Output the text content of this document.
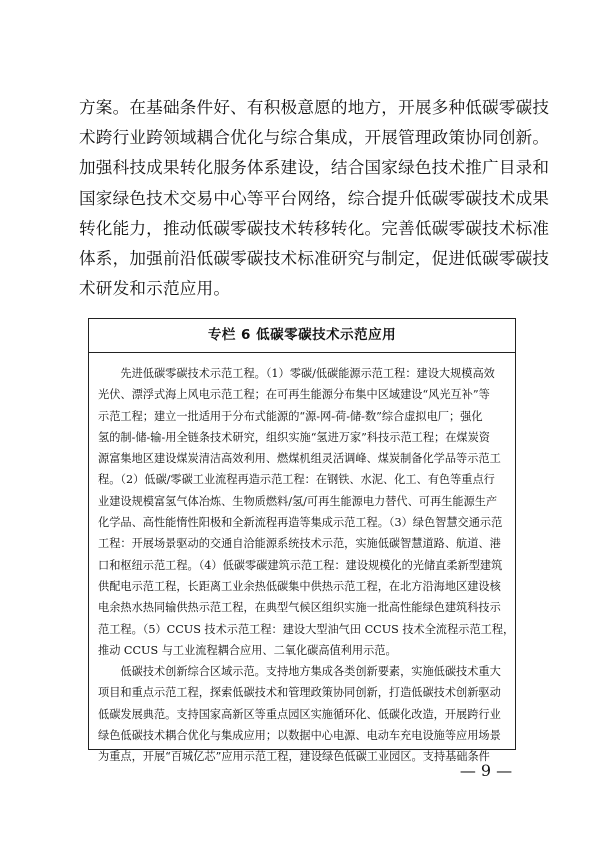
方案。在基础条件好、有积极意愿的地方，开展多种低碳零碳技
术跨行业跨领域耦合优化与综合集成，开展管理政策协同创新。
加强科技成果转化服务体系建设，结合国家绿色技术推广目录和
国家绿色技术交易中心等平台网络，综合提升低碳零碳技术成果
转化能力，推动低碳零碳技术转移转化。完善低碳零碳技术标准
体系，加强前沿低碳零碳技术标准研究与制定，促进低碳零碳技
术研发和示范应用。
专栏 6 低碳零碳技术示范应用
　　先进低碳零碳技术示范工程。（1）零碳/低碳能源示范工程：建设大规模高效
光伏、漂浮式海上风电示范工程；在可再生能源分布集中区域建设“风光互补”等
示范工程；建立一批适用于分布式能源的“源-网-荷-储-数”综合虚拟电厂；强化
氢的制-储-输-用全链条技术研究，组织实施“氢进万家”科技示范工程；在煤炭资
源富集地区建设煤炭清洁高效利用、燃煤机组灵活调峰、煤炭制备化学品等示范工
程。（2）低碳/零碳工业流程再造示范工程：在钢铁、水泥、化工、有色等重点行
业建设规模富氢气体冶炼、生物质燃料/氢/可再生能源电力替代、可再生能源生产
化学品、高性能惰性阳极和全新流程再造等集成示范工程。（3）绿色智慧交通示范
工程：开展场景驱动的交通自洽能源系统技术示范，实施低碳智慧道路、航道、港
口和枢纽示范工程。（4）低碳零碳建筑示范工程：建设规模化的光储直柔新型建筑
供配电示范工程，长距离工业余热低碳集中供热示范工程，在北方沿海地区建设核
电余热水热同输供热示范工程，在典型气候区组织实施一批高性能绿色建筑科技示
范工程。（5）CCUS 技术示范工程：建设大型油气田 CCUS 技术全流程示范工程，
推动 CCUS 与工业流程耦合应用、二氧化碳高值利用示范。
　　低碳技术创新综合区域示范。支持地方集成各类创新要素，实施低碳技术重大
项目和重点示范工程，探索低碳技术和管理政策协同创新，打造低碳技术创新驱动
低碳发展典范。支持国家高新区等重点园区实施循环化、低碳化改造，开展跨行业
绿色低碳技术耦合优化与集成应用；以数据中心电源、电动车充电设施等应用场景
为重点，开展“百城亿芯”应用示范工程，建设绿色低碳工业园区。支持基础条件
— 9 —
